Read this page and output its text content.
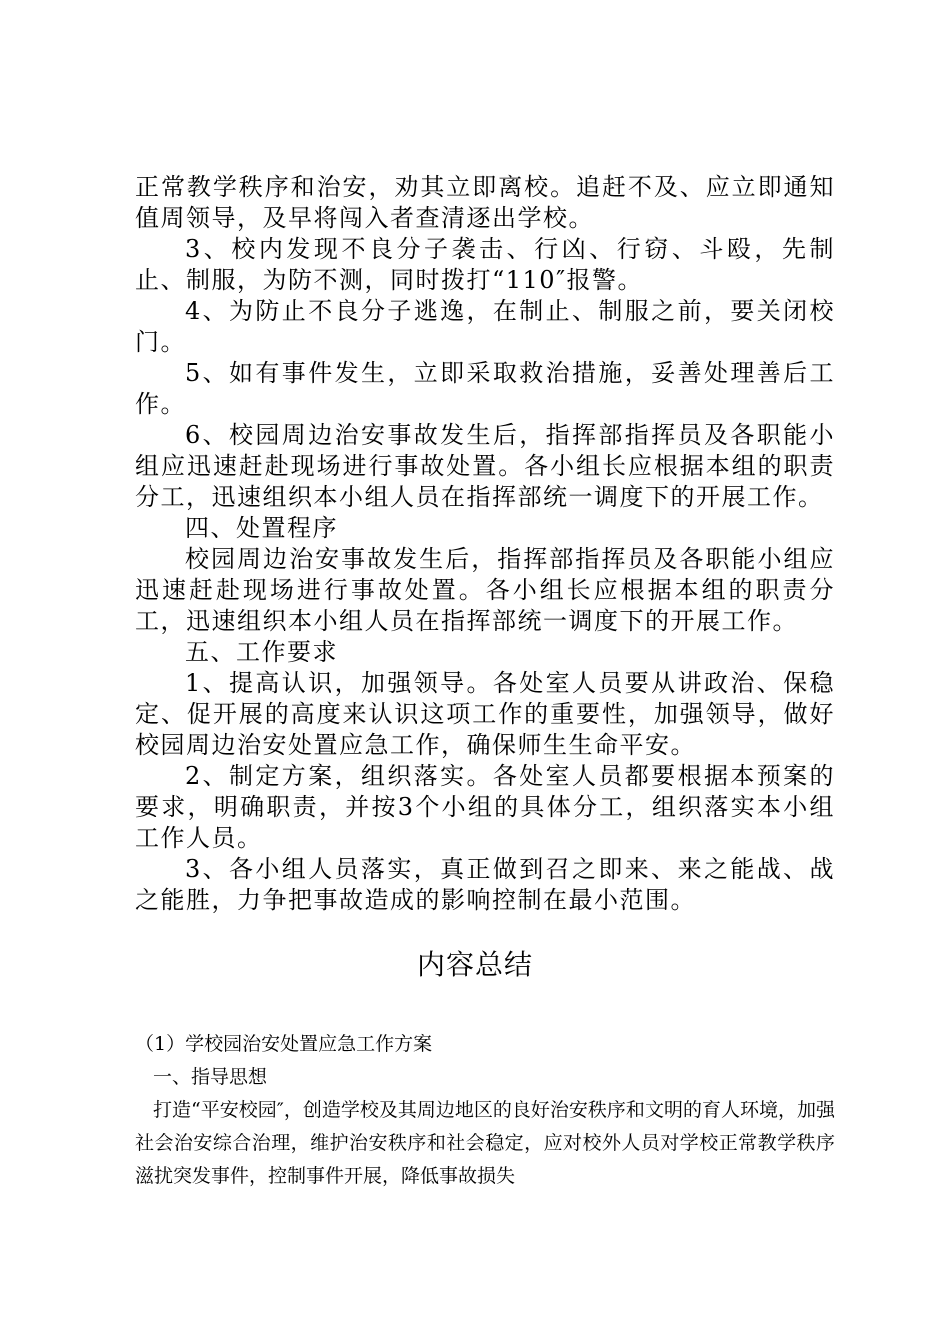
正常教学秩序和治安，劝其立即离校。追赶不及、应立即通知值周领导，及早将闯入者查清逐出学校。

3、校内发现不良分子袭击、行凶、行窃、斗殴，先制止、制服，为防不测，同时拨打“110″报警。

4、为防止不良分子逃逸，在制止、制服之前，要关闭校门。

5、如有事件发生，立即采取救治措施，妥善处理善后工作。

6、校园周边治安事故发生后，指挥部指挥员及各职能小组应迅速赶赴现场进行事故处置。各小组长应根据本组的职责分工，迅速组织本小组人员在指挥部统一调度下的开展工作。

四、处置程序

校园周边治安事故发生后，指挥部指挥员及各职能小组应迅速赶赴现场进行事故处置。各小组长应根据本组的职责分工，迅速组织本小组人员在指挥部统一调度下的开展工作。

五、工作要求

1、提高认识，加强领导。各处室人员要从讲政治、保稳定、促开展的高度来认识这项工作的重要性，加强领导，做好校园周边治安处置应急工作，确保师生生命平安。

2、制定方案，组织落实。各处室人员都要根据本预案的要求，明确职责，并按3个小组的具体分工，组织落实本小组工作人员。

3、各小组人员落实，真正做到召之即来、来之能战、战之能胜，力争把事故造成的影响控制在最小范围。

内容总结

（1）学校园治安处置应急工作方案

一、指导思想

打造“平安校园″，创造学校及其周边地区的良好治安秩序和文明的育人环境，加强社会治安综合治理，维护治安秩序和社会稳定，应对校外人员对学校正常教学秩序滋扰突发事件，控制事件开展，降低事故损失
